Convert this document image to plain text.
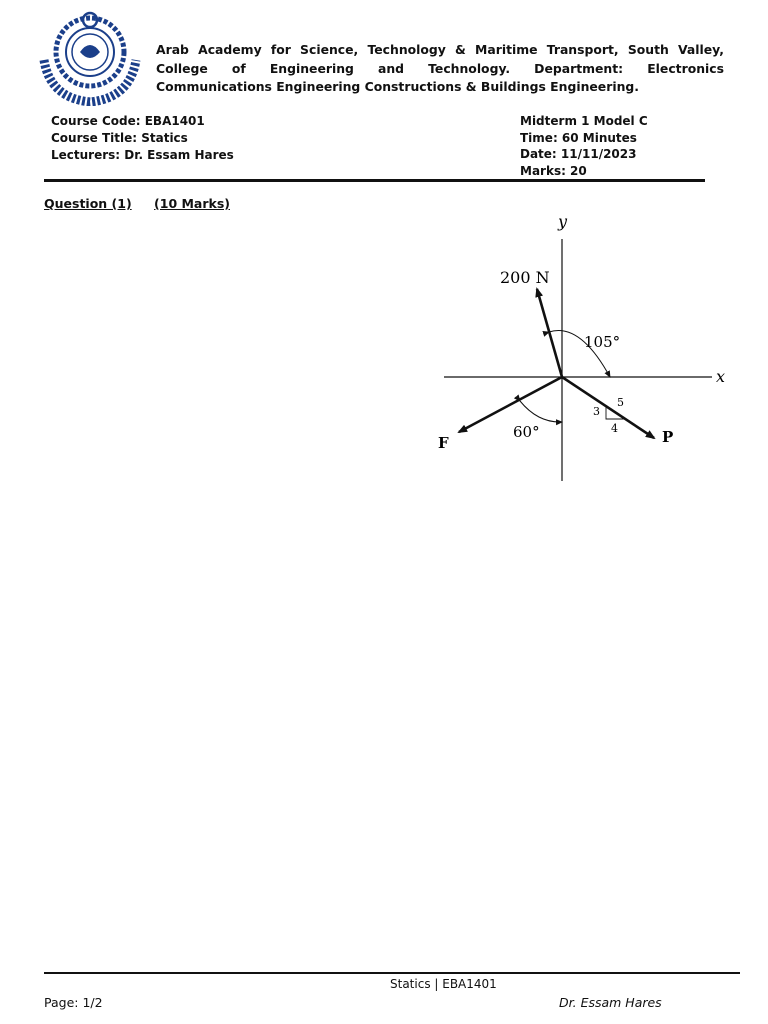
Arab Academy for Science, Technology & Maritime Transport, South Valley, College of Engineering and Technology. Department: Electronics Communications Engineering Constructions & Buildings Engineering.
Course Code: EBA1401
Course Title: Statics
Lecturers: Dr. Essam Hares
Midterm 1 Model C
Time: 60 Minutes
Date: 11/11/2023
Marks: 20
Question (1) (10 Marks)
y
x
200 N
105°
60°
F	P
3
4
5
Statics | EBA1401
Page: 1/2	Dr. Essam Hares
